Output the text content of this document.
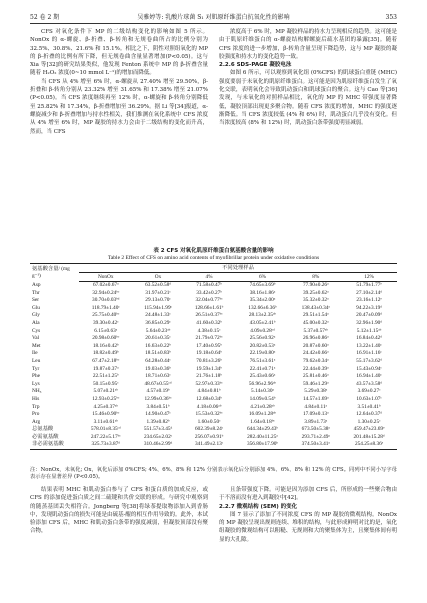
52 卷 2 期	吴雅婷等: 乳酸片球菌 S₁ 对肌原纤维蛋白抗氧化性的影响	353

CFS 对氧化条件下 MP 的二级结构变化的影响如图 5 所示。NonOx 的 α-螺旋、β-折叠、β-转角和无规卷曲所占的比例分别为 32.5%、30.8%、21.6% 和 15.1%。相比之下，阴性对照组氧化的 MP 的 β-折叠的比例有所下降，但无规卷曲含量显著增加(P<0.05)。这与 Xia 等[32]的研究结果类似，他发现 Fenton 系统中 MP 的 β-折叠含量随着 H₂O₂ 浓度(0~10 mmol L⁻¹)的增加而降低。

当 CFS 从 4% 增至 6% 时，α-螺旋从 27.40% 增至 29.50%，β-折叠和 β-转角分别从 23.32% 增至 31.65% 和 17.38% 增至 21.07% (P<0.05)。当 CFS 浓度继续再至 12% 时，α-螺旋和 β-转角分别降低至 25.82% 和 17.34%，β-折叠增加至 36.29%。据 Li 等[34]报道，α-螺旋减少和 β-折叠增加与持水性相关，我们推测在氧化系统中 CFS 浓度从 4% 增至 6% 时，MP 凝胶的持水力会由于二级结构的变化而升高，然而，当 CFS

浓度高于 6% 时，MP 凝胶样品的持水力呈现相反的趋势。这可能是由于肌原纤维蛋白的 α-螺旋结构解螺旋后疏水基团的暴露[35]。随着 CFS 浓度的进一步增加，β-转角含量呈现下降趋势，这与 MP 凝胶的凝胶强度和持水力的变化趋势一致。

2.2.6 SDS-PAGE 凝胶电泳

如图 6 所示，可以观察到氧化组 (0%CFS) 的肌球蛋白重链 (MHC) 强度要弱于未氧化的肌原纤维蛋白。这可能是因为肌原纤维蛋白发生了氧化交联，表明氧化会导致肌动蛋白和肌球蛋白的聚合。这与 Cao 等[36]发现，与未氧化的对照样品相比，氧化的 MP 的 MHC 带强度显著降低，凝胶顶部出现更多聚合物。随着 CFS 浓度的增加，MHC 的强度逐渐降低。当 CFS 浓度较低 (4% 和 6%) 时，肌动蛋白几乎没有变化。但当浓度较高 (8% 和 12%) 时，肌动蛋白条带强度明显减弱。

表 2 CFS 对氧化肌原纤维蛋白氨基酸含量的影响
Table 2 Effect of CFS on amino acid contents of myofibrillar protein under oxidative conditions
氨基酸含量/ (mg g⁻¹)	不同处理样品					
	NonOx	Ox	4%	6%	8%	12%
Asp	67.02±0.67ᵃ	63.52±0.58ᵈ	71.58±0.47ᵇ	74.65±3.69ᵇ	77.90±0.26ᵃ	51.79±1.77ᵉ
Thr	32.94±0.24ᵇᶜ	31.97±0.21ᶜ	33.42±0.27ᵇ	38.16±1.86ᵃ	39.25±0.62ᵃ	27.10±2.14ᵈ
Ser	30.70±0.03ᵇᵈ	29.13±0.70ᶜ	32.04±0.77ᵇᶜ	35.34±2.00ᵃ	35.32±0.32ᵃ	23.16±1.12ᵉ
Glu	118.79±1.40ᶜ	115.94±1.99ᶜ	128.66±1.61ᵇ	132.66±6.36ᵇ	138.43±0.34ᵃ	94.22±3.19ᵈ
Gly	25.75±0.40ᵇᶜ	24.48±1.33ᶜ	26.51±0.37ᵇᶜ	28.13±2.35ᵃᵇ	29.51±1.54ᵃ	20.47±0.09ᵈ
Ala	39.30±0.42ᶜ	36.85±0.29ᶜ	41.60±0.32ᵇ	43.05±2.41ᵇ	45.00±0.32ᵃ	32.96±1.90ᵈ
Cys	6.15±0.63ᵃ	5.64±0.23ᵃᵇ	4.38±0.15ᶜ	4.09±0.28ᶜᵈ	5.37±0.57ᵃᵇ	5.12±1.15ᵃᵇ
Val	20.98±0.60ᵇᶜ	20.61±0.35ᶜ	21.79±0.72ᵇᶜ	25.56±0.92ᵃ	26.96±0.86ᵃ	16.84±0.42ᵈ
Met	18.16±0.42ᵇ	16.63±0.22ᵇ	17.40±0.95ᵇ	20.82±0.53ᵃ	20.87±0.60ᵃ	13.22±1.40ᶜ
Ile	18.82±0.49ᵇ	18.51±0.83ᵇ	19.18±0.64ᵇ	22.19±0.80ᵃ	24.42±0.66ᵃ	16.91±1.16ᶜ
Leu	67.47±2.18ᵇᶜ	64.28±0.44ᶜ	70.81±3.26ᵇ	76.51±3.61ᵃ	79.62±0.34ᵃ	55.17±3.62ᵈ
Tyr	19.87±0.37ᵃ	19.03±0.36ᵇ	19.59±1.34ᵇ	22.41±0.71ᵃ	22.44±0.39ᵃ	15.43±0.94ᶜ
Phe	22.51±1.25ᵇ	18.71±0.63ᶜ	21.76±1.18ᵇ	25.43±0.66ᵃ	25.81±0.46ᵃ	16.94±1.40ᶜ
Lys	50.15±0.95ᶜ	48.67±0.55ᶜᵈ	52.97±0.33ᵇᶜ	56.96±2.96ᵃᵇ	59.46±1.29ᵃ	43.57±3.58ᵈ
NH₃	5.07±0.21ᵃᵇ	4.57±0.19ᵇ	4.84±0.81ᵇ	5.14±0.30ᵃ	5.29±0.38ᵃ	3.69±0.27ᶜ
His	12.93±0.25ᵇᶜ	12.99±0.36ᵇᶜ	12.68±0.34ᵇ	14.09±0.54ᵇ	14.57±1.69ᵃ	10.63±1.07ᶜ
Trp	4.25±0.37ᵃᵇ	3.84±0.51ᵇ	4.18±0.06ᵃᵇ	4.21±0.28ᵃᵇ	4.84±0.11ᵃ	3.51±0.41ᵇ
Pro	15.46±0.90ᵇᶜ	14.90±0.47ᶜ	15.53±0.32ᵇᶜ	16.09±1.28ᵃᵇ	17.09±0.13ᵃ	12.64±0.37ᵈ
Arg	3.11±0.61ᵃᵇ	1.39±0.82ᵇ	1.60±0.50ᶜ	1.64±0.18ᵇᶜ	3.89±1.73ᵃ	1.30±0.25ᶜ
总氨基酸	578.01±8.35ᶜᵈ	551.57±3.45ᵈ	602.39±8.24ᶜ	644.34±29.43ᵇ	673.50±5.38ᵃ	459.47±23.69ᵉ
必需氨基酸	247.22±5.17ᵇᶜ	234.65±2.02ᶜ	256.07±0.91ᵇ	282.40±11.25ᵃ	293.71±2.49ᵃ	201.48±15.28ᵈ
非必需氨基酸	325.73±3.87ᵈ	310.46±2.99ᵈ	341.49±2.13ᶜ	356.80±17.90ᵇ	374.50±3.41ᵃ	254.25±8.36ᵉ
注：NonOx，未氧化; Ox，氧化后添加 0%CFS; 4%、6%、8% 和 12% 分别表示氧化后分别添加 4%、6%、8% 和 12% 的 CFS。同列中不同小写字母表示存在显著差异 (P<0.05)。

结果表明 MHC 和肌动蛋白参与了 CFS 和蛋白质的加成反应，或 CFS 的添加促进蛋白质之间二硫键和共价交联的形成。与研究中观察到的随蒸基团丢失相符合。Jongberg 等[38]将绿茶提取物添加入到香肠中，发现肌动蛋白的损失可能是由硫基-醌的相互作用导致的。此外，本试验添加 CFS 后，MHC 和肌动蛋白条带的强度减弱，但凝胶顶部没有聚合物，

且条带强度下降。可能是因为添加 CFS 后，所形成的一些聚合物由于不溶而没有进入到凝胶中[42]。

2.2.7 微观结构 (SEM) 的变化

图 7 显示了添加了不同浓度 CFS 的 MP 凝胶的微观结构。NonOx 的 MP 凝胶呈现出规则连续、堆积的结构，与此形成鲜明对比的是，氧化组凝胶的微观结构可以粗糙、无规则和大的聚集体为主，且聚集体间有明显的大孔隙。
